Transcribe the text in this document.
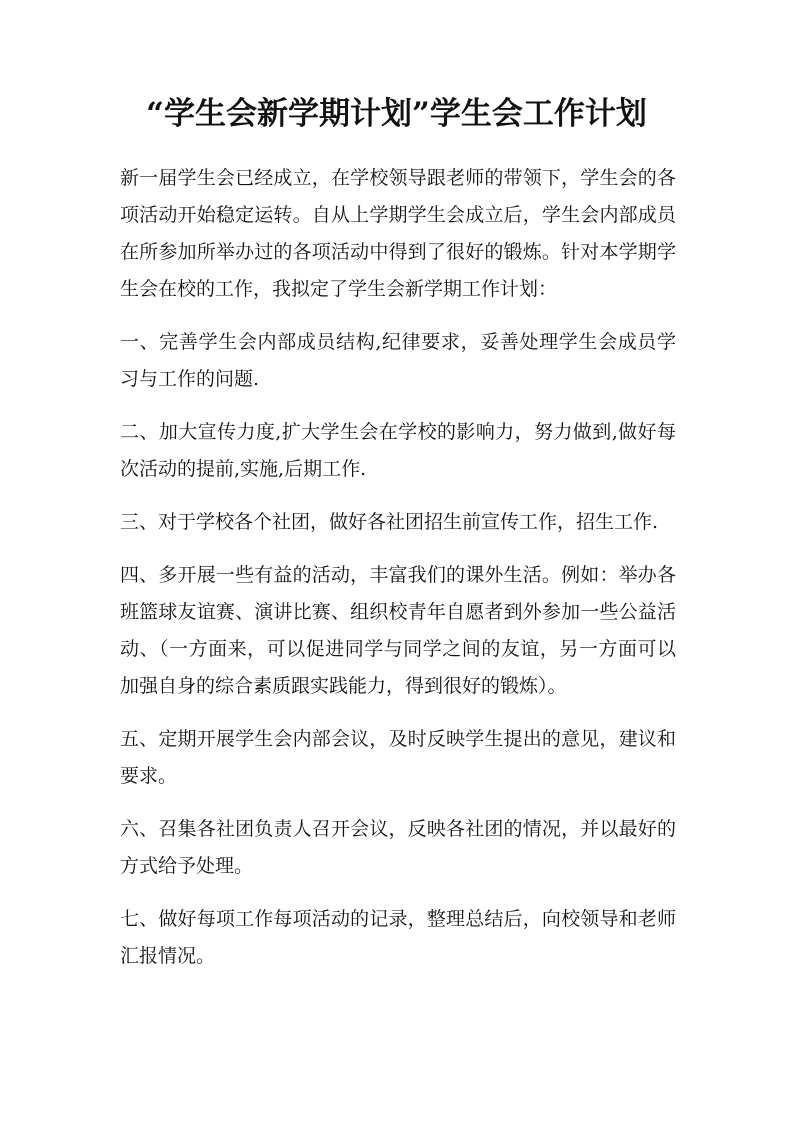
“学生会新学期计划”学生会工作计划

新一届学生会已经成立，在学校领导跟老师的带领下，学生会的各项活动开始稳定运转。自从上学期学生会成立后，学生会内部成员在所参加所举办过的各项活动中得到了很好的锻炼。针对本学期学生会在校的工作，我拟定了学生会新学期工作计划：

一、完善学生会内部成员结构,纪律要求，妥善处理学生会成员学习与工作的问题.

二、加大宣传力度,扩大学生会在学校的影响力，努力做到,做好每次活动的提前,实施,后期工作.

三、对于学校各个社团，做好各社团招生前宣传工作，招生工作.

四、多开展一些有益的活动，丰富我们的课外生活。例如：举办各班篮球友谊赛、演讲比赛、组织校青年自愿者到外参加一些公益活动、（一方面来，可以促进同学与同学之间的友谊，另一方面可以加强自身的综合素质跟实践能力，得到很好的锻炼）。

五、定期开展学生会内部会议，及时反映学生提出的意见，建议和要求。

六、召集各社团负责人召开会议，反映各社团的情况，并以最好的方式给予处理。

七、做好每项工作每项活动的记录，整理总结后，向校领导和老师汇报情况。
